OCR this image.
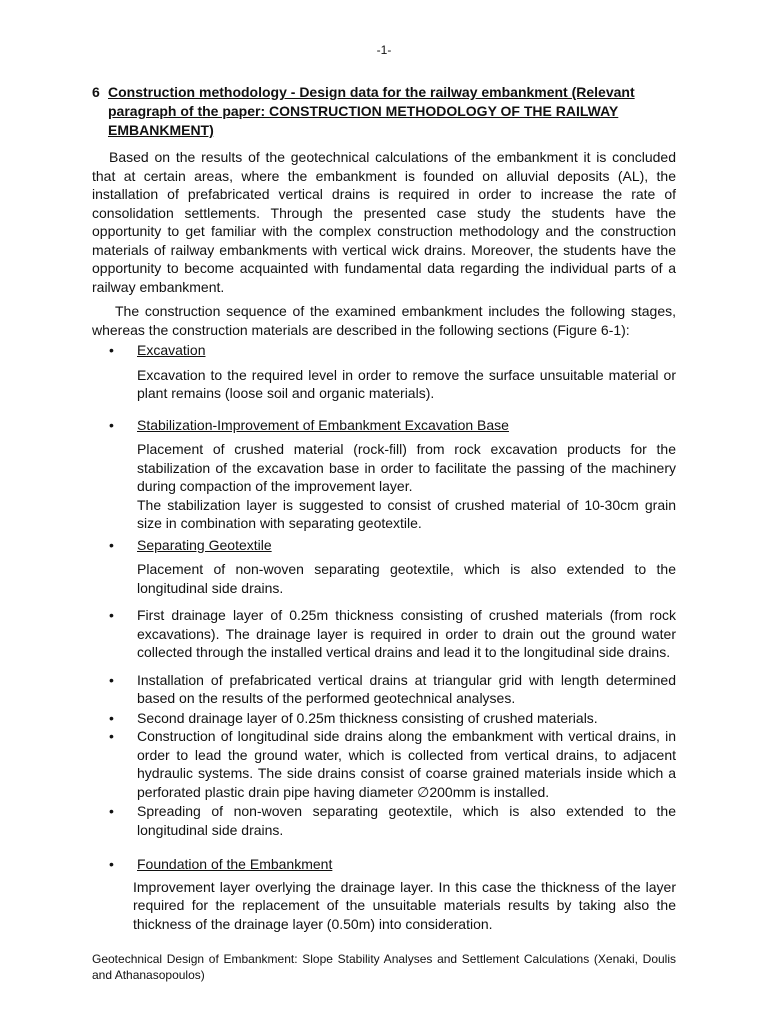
-1-
6 Construction methodology - Design data for the railway embankment (Relevant
paragraph of the paper: CONSTRUCTION METHODOLOGY OF THE RAILWAY
EMBANKMENT)

Based on the results of the geotechnical calculations of the embankment it is concluded that at certain areas, where the embankment is founded on alluvial deposits (AL), the installation of prefabricated vertical drains is required in order to increase the rate of consolidation settlements. Through the presented case study the students have the opportunity to get familiar with the complex construction methodology and the construction materials of railway embankments with vertical wick drains. Moreover, the students have the opportunity to become acquainted with fundamental data regarding the individual parts of a railway embankment.

The construction sequence of the examined embankment includes the following stages, whereas the construction materials are described in the following sections (Figure 6-1):

• Excavation
Excavation to the required level in order to remove the surface unsuitable material or plant remains (loose soil and organic materials).
• Stabilization-Improvement of Embankment Excavation Base
Placement of crushed material (rock-fill) from rock excavation products for the stabilization of the excavation base in order to facilitate the passing of the machinery during compaction of the improvement layer.
The stabilization layer is suggested to consist of crushed material of 10-30cm grain size in combination with separating geotextile.
• Separating Geotextile
Placement of non-woven separating geotextile, which is also extended to the longitudinal side drains.
• First drainage layer of 0.25m thickness consisting of crushed materials (from rock excavations). The drainage layer is required in order to drain out the ground water collected through the installed vertical drains and lead it to the longitudinal side drains.
• Installation of prefabricated vertical drains at triangular grid with length determined based on the results of the performed geotechnical analyses.
• Second drainage layer of 0.25m thickness consisting of crushed materials.
• Construction of longitudinal side drains along the embankment with vertical drains, in order to lead the ground water, which is collected from vertical drains, to adjacent hydraulic systems. The side drains consist of coarse grained materials inside which a perforated plastic drain pipe having diameter ∅200mm is installed.
• Spreading of non-woven separating geotextile, which is also extended to the longitudinal side drains.
• Foundation of the Embankment
Improvement layer overlying the drainage layer. In this case the thickness of the layer required for the replacement of the unsuitable materials results by taking also the thickness of the drainage layer (0.50m) into consideration.
Geotechnical Design of Embankment: Slope Stability Analyses and Settlement Calculations (Xenaki, Doulis and Athanasopoulos)
